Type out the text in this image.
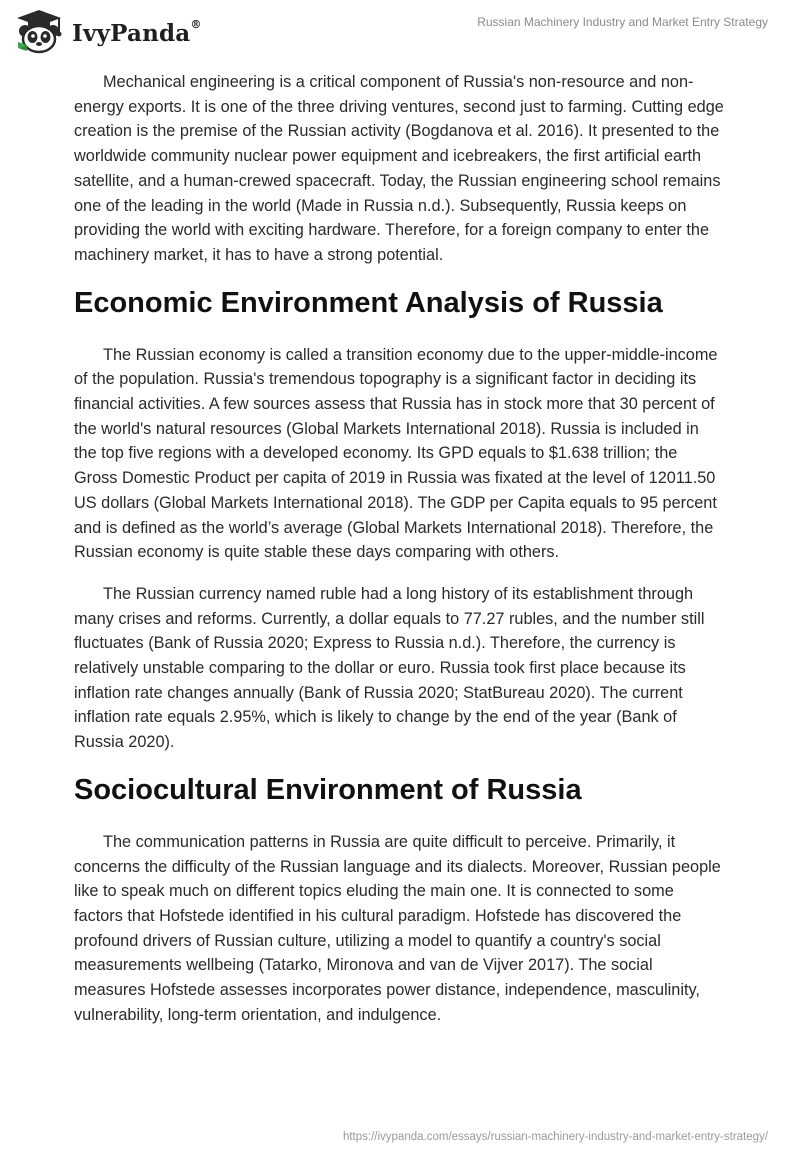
IvyPanda®	Russian Machinery Industry and Market Entry Strategy

Mechanical engineering is a critical component of Russia's non-resource and non-energy exports. It is one of the three driving ventures, second just to farming. Cutting edge creation is the premise of the Russian activity (Bogdanova et al. 2016). It presented to the worldwide community nuclear power equipment and icebreakers, the first artificial earth satellite, and a human-crewed spacecraft. Today, the Russian engineering school remains one of the leading in the world (Made in Russia n.d.). Subsequently, Russia keeps on providing the world with exciting hardware. Therefore, for a foreign company to enter the machinery market, it has to have a strong potential.

Economic Environment Analysis of Russia

The Russian economy is called a transition economy due to the upper-middle-income of the population. Russia's tremendous topography is a significant factor in deciding its financial activities. A few sources assess that Russia has in stock more that 30 percent of the world's natural resources (Global Markets International 2018). Russia is included in the top five regions with a developed economy. Its GPD equals to $1.638 trillion; the Gross Domestic Product per capita of 2019 in Russia was fixated at the level of 12011.50 US dollars (Global Markets International 2018). The GDP per Capita equals to 95 percent and is defined as the world’s average (Global Markets International 2018). Therefore, the Russian economy is quite stable these days comparing with others.

The Russian currency named ruble had a long history of its establishment through many crises and reforms. Currently, a dollar equals to 77.27 rubles, and the number still fluctuates (Bank of Russia 2020; Express to Russia n.d.). Therefore, the currency is relatively unstable comparing to the dollar or euro. Russia took first place because its inflation rate changes annually (Bank of Russia 2020; StatBureau 2020). The current inflation rate equals 2.95%, which is likely to change by the end of the year (Bank of Russia 2020).

Sociocultural Environment of Russia

The communication patterns in Russia are quite difficult to perceive. Primarily, it concerns the difficulty of the Russian language and its dialects. Moreover, Russian people like to speak much on different topics eluding the main one. It is connected to some factors that Hofstede identified in his cultural paradigm. Hofstede has discovered the profound drivers of Russian culture, utilizing a model to quantify a country's social measurements wellbeing (Tatarko, Mironova and van de Vijver 2017). The social measures Hofstede assesses incorporates power distance, independence, masculinity, vulnerability, long-term orientation, and indulgence.

https://ivypanda.com/essays/russian-machinery-industry-and-market-entry-strategy/
